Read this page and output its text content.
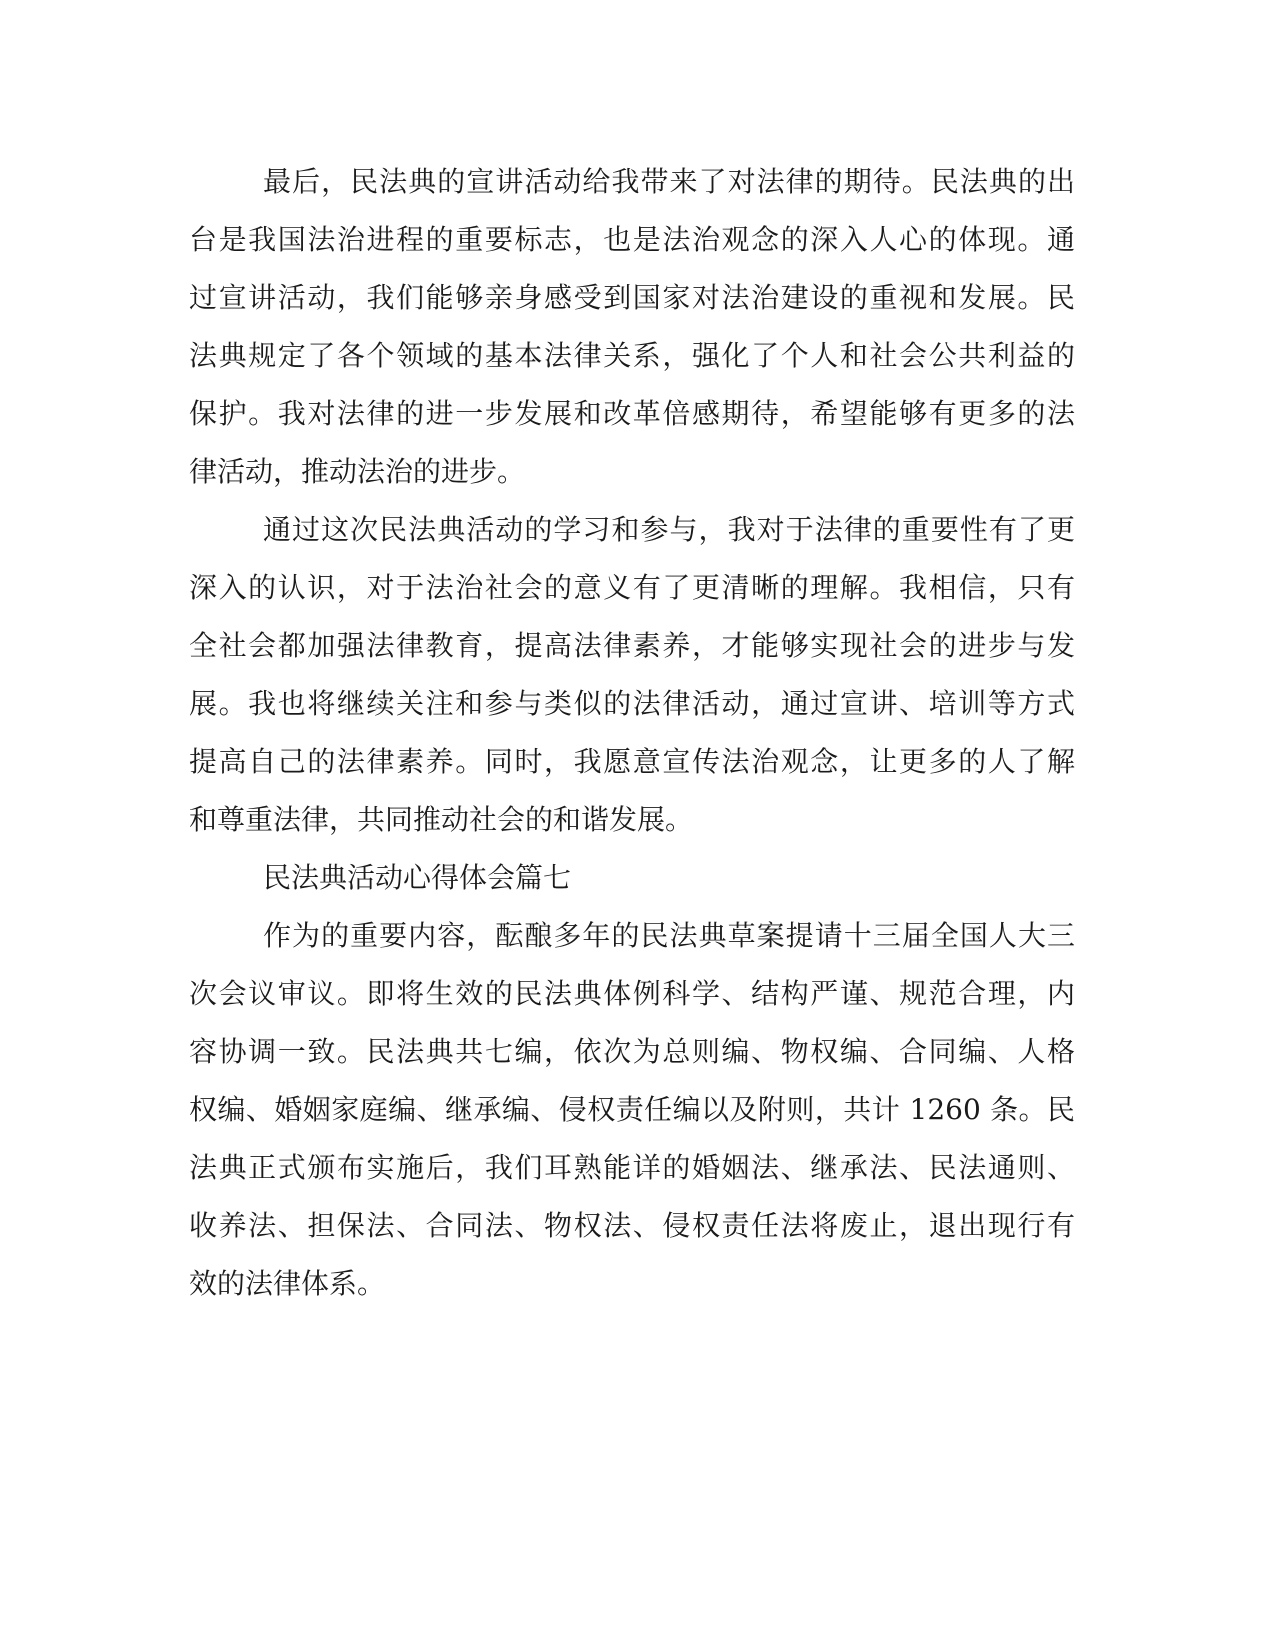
最后，民法典的宣讲活动给我带来了对法律的期待。民法典的出
台是我国法治进程的重要标志，也是法治观念的深入人心的体现。通
过宣讲活动，我们能够亲身感受到国家对法治建设的重视和发展。民
法典规定了各个领域的基本法律关系，强化了个人和社会公共利益的
保护。我对法律的进一步发展和改革倍感期待，希望能够有更多的法
律活动，推动法治的进步。
通过这次民法典活动的学习和参与，我对于法律的重要性有了更
深入的认识，对于法治社会的意义有了更清晰的理解。我相信，只有
全社会都加强法律教育，提高法律素养，才能够实现社会的进步与发
展。我也将继续关注和参与类似的法律活动，通过宣讲、培训等方式
提高自己的法律素养。同时，我愿意宣传法治观念，让更多的人了解
和尊重法律，共同推动社会的和谐发展。
民法典活动心得体会篇七
作为的重要内容，酝酿多年的民法典草案提请十三届全国人大三
次会议审议。即将生效的民法典体例科学、结构严谨、规范合理，内
容协调一致。民法典共七编，依次为总则编、物权编、合同编、人格
权编、婚姻家庭编、继承编、侵权责任编以及附则，共计 1260 条。民
法典正式颁布实施后，我们耳熟能详的婚姻法、继承法、民法通则、
收养法、担保法、合同法、物权法、侵权责任法将废止，退出现行有
效的法律体系。
